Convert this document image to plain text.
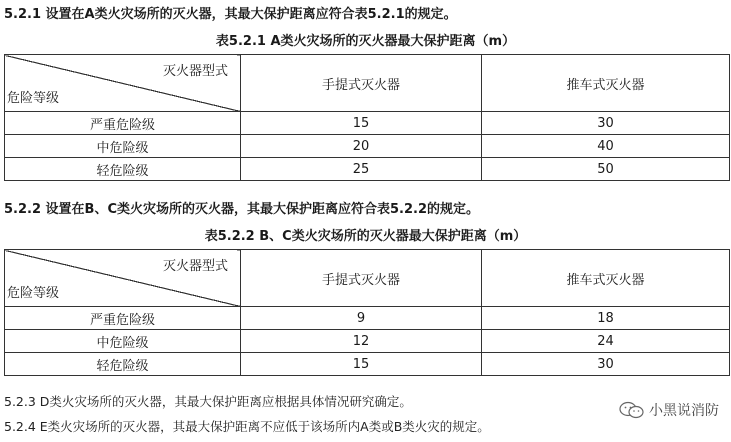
5.2.1 设置在A类火灾场所的灭火器，其最大保护距离应符合表5.2.1的规定。
表5.2.1 A类火灾场所的灭火器最大保护距离（m）
灭火器型式
危险等级	手提式灭火器	推车式灭火器
严重危险级	15	30
中危险级	20	40
轻危险级	25	50
5.2.2 设置在B、C类火灾场所的灭火器，其最大保护距离应符合表5.2.2的规定。
表5.2.2 B、C类火灾场所的灭火器最大保护距离（m）
灭火器型式
危险等级	手提式灭火器	推车式灭火器
严重危险级	9	18
中危险级	12	24
轻危险级	15	30
5.2.3 D类火灾场所的灭火器，其最大保护距离应根据具体情况研究确定。
5.2.4 E类火灾场所的灭火器，其最大保护距离不应低于该场所内A类或B类火灾的规定。
小黑说消防
